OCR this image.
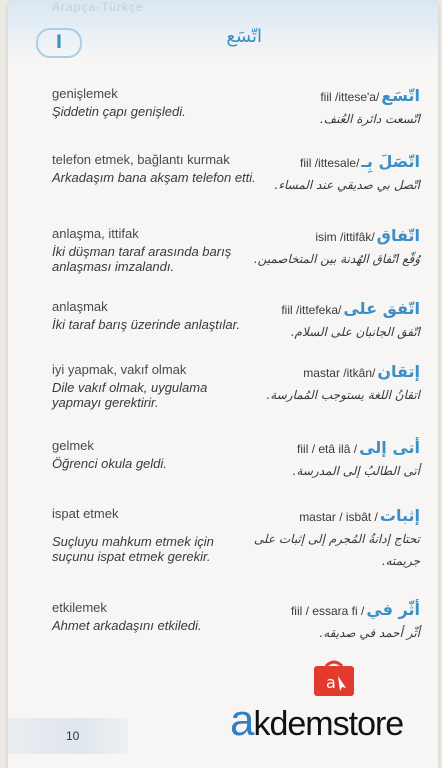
Arapça-Türkçe
ا	اتّسَع
genişlemek
Şiddetin çapı genişledi.
fiil /ittese'a/ اتّسَع
اتّسعت دائرة العُنف.
telefon etmek, bağlantı kurmak
Arkadaşım bana akşam telefon etti.
fiil /ittesale/ اتّصَلَ بِـ
اتّصل بي صديقي عند المساء.
anlaşma, ittifak
İki düşman taraf arasında barış anlaşması imzalandı.
isim /ittifâk/ اتّفاق
وُقّع اتّفاق الهُدنة بين المتخاصمين.
anlaşmak
İki taraf barış üzerinde anlaştılar.
fiil /ittefeka/ اتّفق على
اتّفق الجانبان على السلام.
iyi yapmak, vakıf olmak
Dile vakıf olmak, uygulama yapmayı gerektirir.
mastar /itkân/ إتقان
اتقانُ اللغة يستوجب المُمارسة.
gelmek
Öğrenci okula geldi.
fiil / etâ ilâ / أتى إلى
أتى الطالبُ إلى المدرسة.
ispat etmek
Suçluyu mahkum etmek için suçunu ispat etmek gerekir.
mastar / isbât / إثبات
تحتاج إدانةُ المُجرم إلى إثبات على جريمته.
etkilemek
Ahmet arkadaşını etkiledi.
fiil / essara fi / أثّر في
أثّر أحمد في صديقه.
10
a
akdemstore
